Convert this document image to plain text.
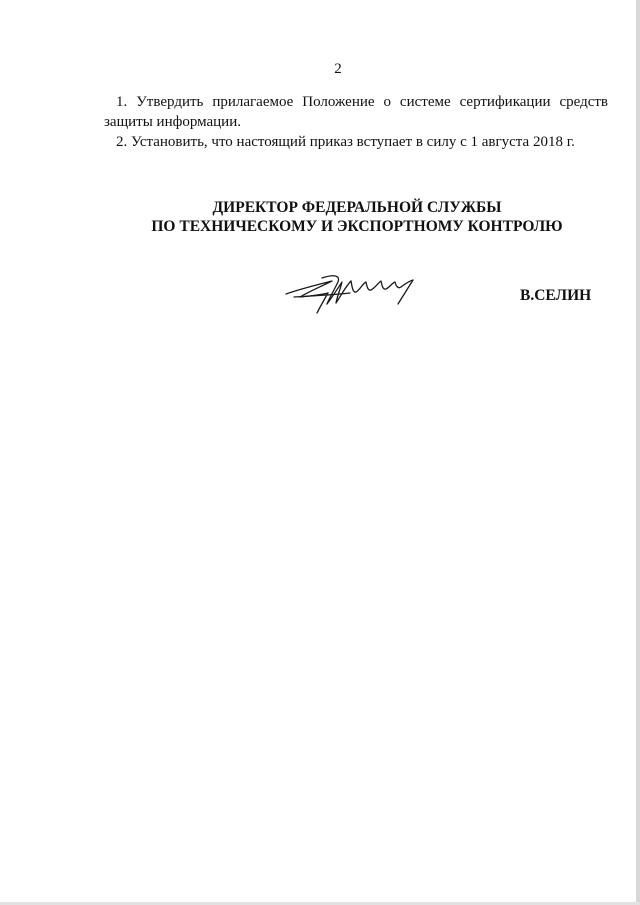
2

1. Утвердить прилагаемое Положение о системе сертификации средств защиты информации.

2. Установить, что настоящий приказ вступает в силу с 1 августа 2018 г.

ДИРЕКТОР ФЕДЕРАЛЬНОЙ СЛУЖБЫ
ПО ТЕХНИЧЕСКОМУ И ЭКСПОРТНОМУ КОНТРОЛЮ
В.СЕЛИН
